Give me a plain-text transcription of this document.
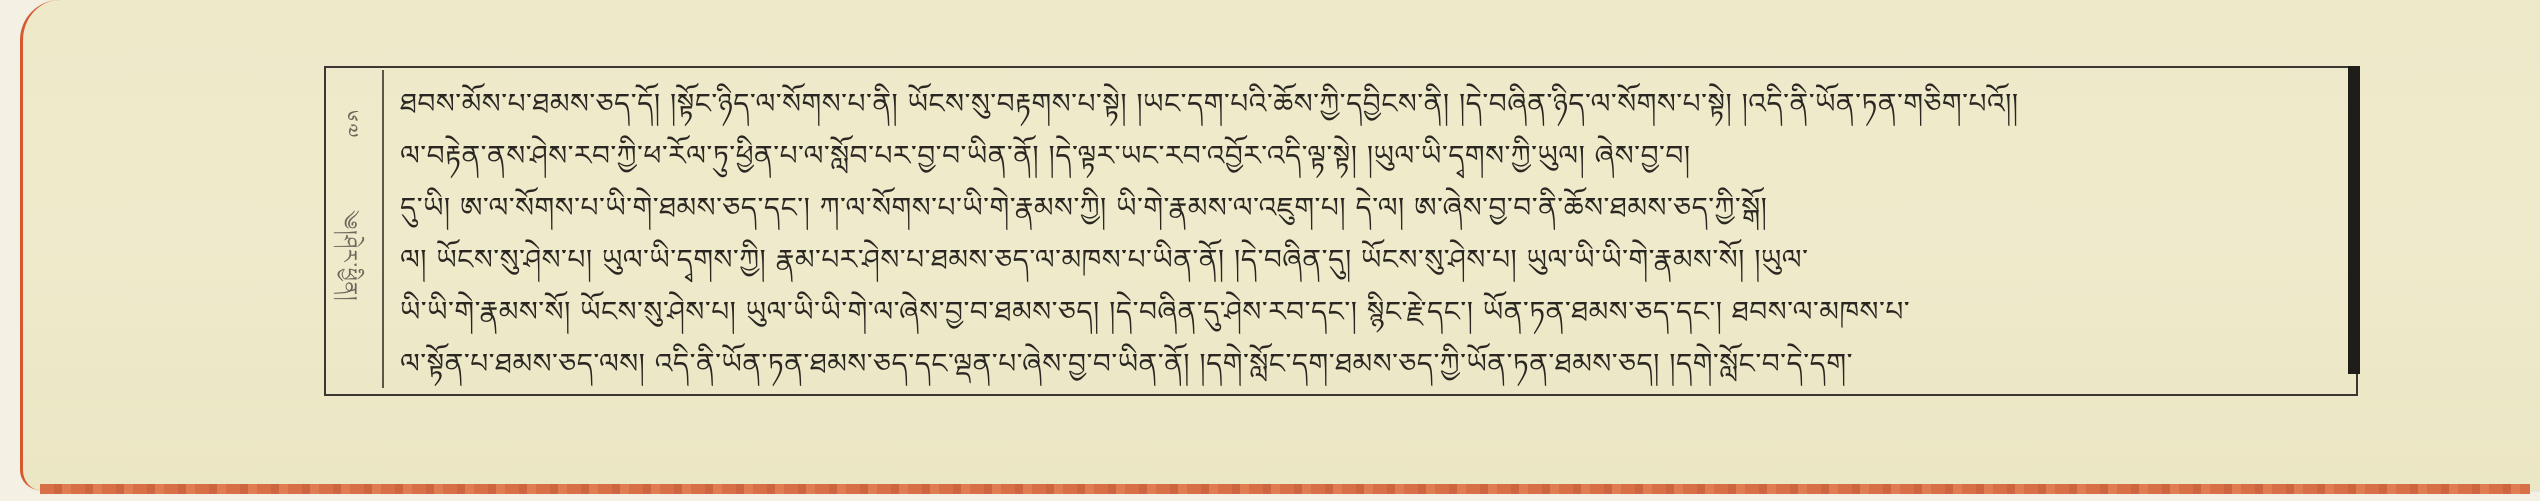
༦༧
༄།ཤེར་ཕྱིན།
ཐབས་མོས་པ་ཐམས་ཅད་དོ། །སྟོང་ཉིད་ལ་སོགས་པ་ནི། ཡོངས་སུ་བརྟགས་པ་སྟེ། །ཡང་དག་པའི་ཆོས་ཀྱི་དབྱིངས་ནི། །དེ་བཞིན་ཉིད་ལ་སོགས་པ་སྟེ། །འདི་ནི་ཡོན་ཏན་གཅིག་པའོ།།
ལ་བརྟེན་ནས་ཤེས་རབ་ཀྱི་ཕ་རོལ་ཏུ་ཕྱིན་པ་ལ་སློབ་པར་བྱ་བ་ཡིན་ནོ། །དེ་ལྟར་ཡང་རབ་འབྱོར་འདི་ལྟ་སྟེ། །ཡུལ་ཡི་དྭགས་ཀྱི་ཡུལ། ཞེས་བྱ་བ།
དུ་ཡི། ཨ་ལ་སོགས་པ་ཡི་གེ་ཐམས་ཅད་དང་། ཀ་ལ་སོགས་པ་ཡི་གེ་རྣམས་ཀྱི། ཡི་གེ་རྣམས་ལ་འཇུག་པ། དེ་ལ། ཨ་ཞེས་བྱ་བ་ནི་ཆོས་ཐམས་ཅད་ཀྱི་སྒོ།
ལ། ཡོངས་སུ་ཤེས་པ། ཡུལ་ཡི་དྭགས་ཀྱི། རྣམ་པར་ཤེས་པ་ཐམས་ཅད་ལ་མཁས་པ་ཡིན་ནོ། །དེ་བཞིན་དུ། ཡོངས་སུ་ཤེས་པ། ཡུལ་ཡི་ཡི་གེ་རྣམས་སོ། །ཡུལ་
ཡི་ཡི་གེ་རྣམས་སོ། ཡོངས་སུ་ཤེས་པ། ཡུལ་ཡི་ཡི་གེ་ལ་ཞེས་བྱ་བ་ཐམས་ཅད། །དེ་བཞིན་དུ་ཤེས་རབ་དང་། སྙིང་རྗེ་དང་། ཡོན་ཏན་ཐམས་ཅད་དང་། ཐབས་ལ་མཁས་པ་
ལ་སྟོན་པ་ཐམས་ཅད་ལས། འདི་ནི་ཡོན་ཏན་ཐམས་ཅད་དང་ལྡན་པ་ཞེས་བྱ་བ་ཡིན་ནོ། །དགེ་སློང་དག་ཐམས་ཅད་ཀྱི་ཡོན་ཏན་ཐམས་ཅད། །དགེ་སློང་བ་དེ་དག་
